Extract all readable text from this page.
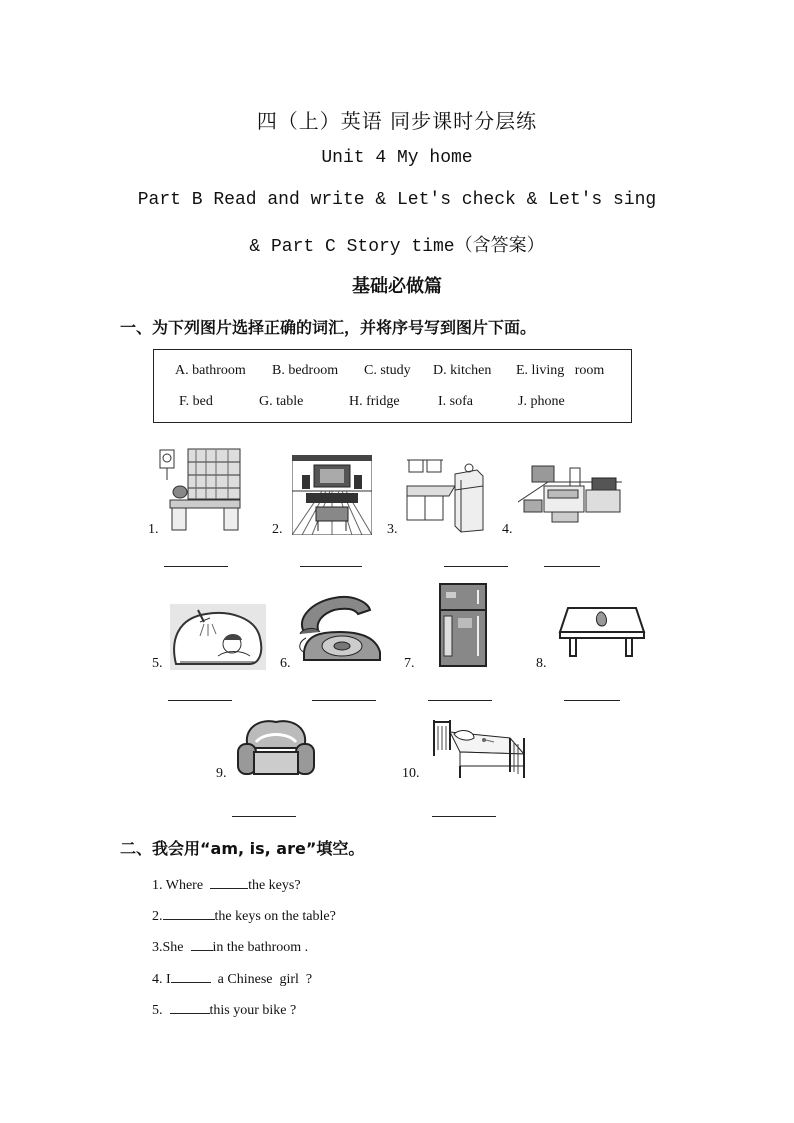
四（上）英语 同步课时分层练
Unit 4 My home
Part B Read and write & Let's check & Let's sing
& Part C Story time（含答案）
基础必做篇
一、为下列图片选择正确的词汇，并将序号写到图片下面。
A. bathroom B. bedroom C. study D. kitchen E. living   room
F. bed	G. table	H. fridge	I. sofa	J. phone
1.	2.	3.	4.
5.	6.	7.	8.
9.	10.
二、我会用“am, is, are”填空。
1. Where	the keys?
2.	the keys on the table?
3.She  in the bathroom .
4. I	a Chinese  girl  ?
5.	this your bike ?
